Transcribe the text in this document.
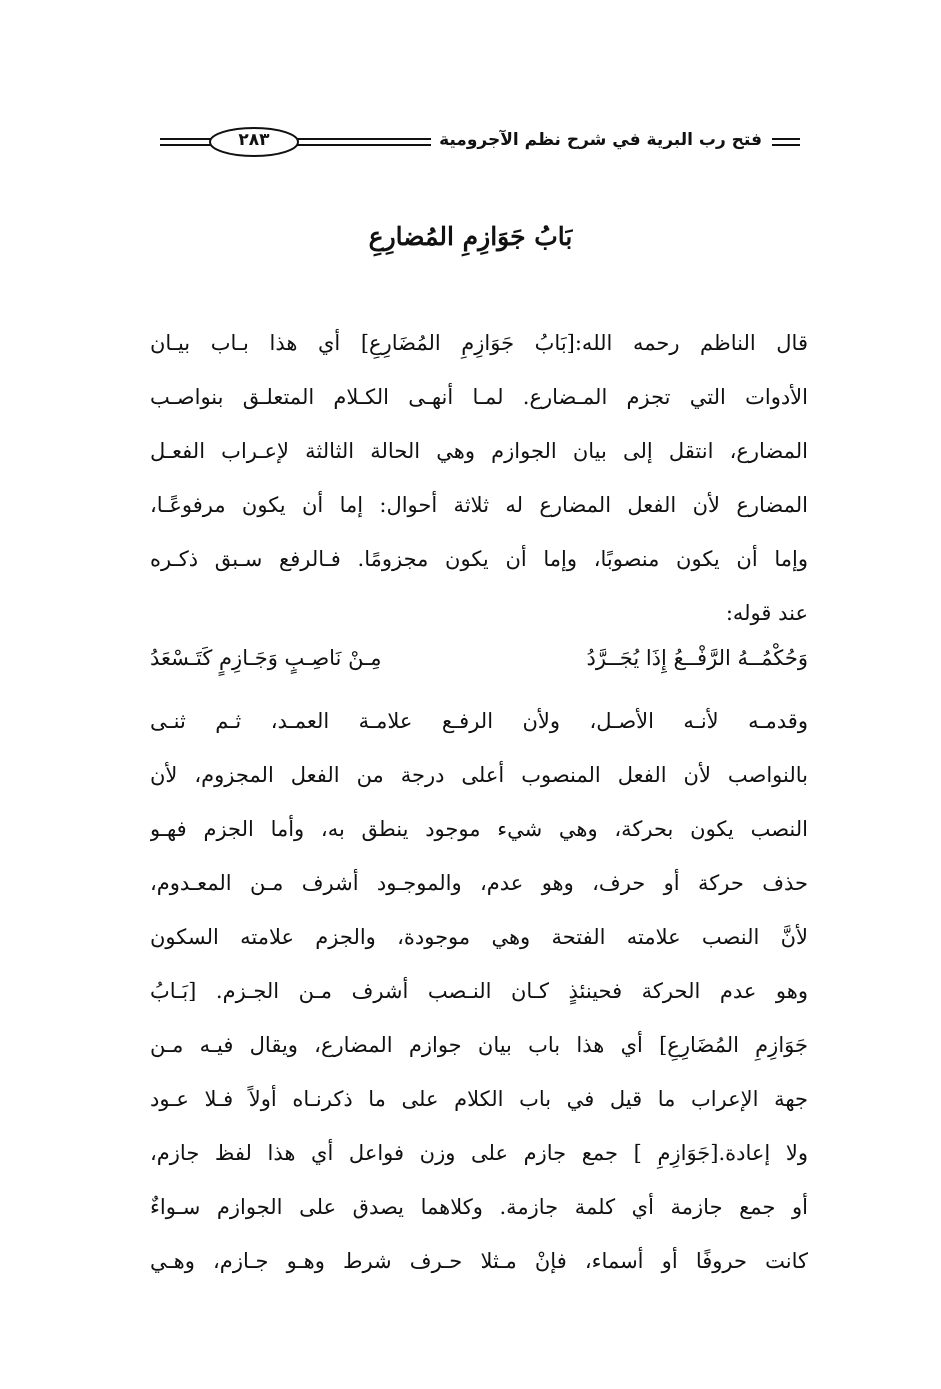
٢٨٣	فتح رب البرية في شرح نظم الآجرومية
بَابُ جَوَازِمِ المُضارِعِ
قال الناظم رحمه الله:[بَابُ جَوَازِمِ المُضَارِعِ] أي هذا بـاب بيـان
الأدوات التي تجزم المـضارع. لمـا أنهـى الكـلام المتعلـق بنواصـب
المضارع، انتقل إلى بيان الجوازم وهي الحالة الثالثة لإعـراب الفعـل
المضارع لأن الفعل المضارع له ثلاثة أحوال: إما أن يكون مرفوعًـا،
وإما أن يكون منصوبًا، وإما أن يكون مجزومًا. فـالرفع سـبق ذكـره
عند قوله:
وَحُكْمُــهُ الرَّفْــعُ إِذَا يُجَــرَّدُ
مِـنْ نَاصِـبٍ وَجَـازِمٍ كَتَـسْعَدُ
وقدمـه لأنـه الأصـل، ولأن الرفـع علامـة العمـد، ثـم ثنـى
بالنواصب لأن الفعل المنصوب أعلى درجة من الفعل المجزوم، لأن
النصب يكون بحركة، وهي شيء موجود ينطق به، وأما الجزم فهـو
حذف حركة أو حرف، وهو عدم، والموجـود أشرف مـن المعـدوم،
لأنَّ النصب علامته الفتحة وهي موجودة، والجزم علامته السكون
وهو عدم الحركة فحينئذٍ كـان النـصب أشرف مـن الجـزم. [بَـابُ
جَوَازِمِ المُضَارِعِ] أي هذا باب بيان جوازم المضارع، ويقال فيـه مـن
جهة الإعراب ما قيل في باب الكلام على ما ذكرنـاه أولاً فـلا عـود
ولا إعادة.[جَوَازِمِ ] جمع جازم على وزن فواعل أي هذا لفظ جازم،
أو جمع جازمة أي كلمة جازمة. وكلاهما يصدق على الجوازم سـواءٌ
كانت حروفًا أو أسماء، فإنْ مـثلا حـرف شرط وهـو جـازم، وهـي
